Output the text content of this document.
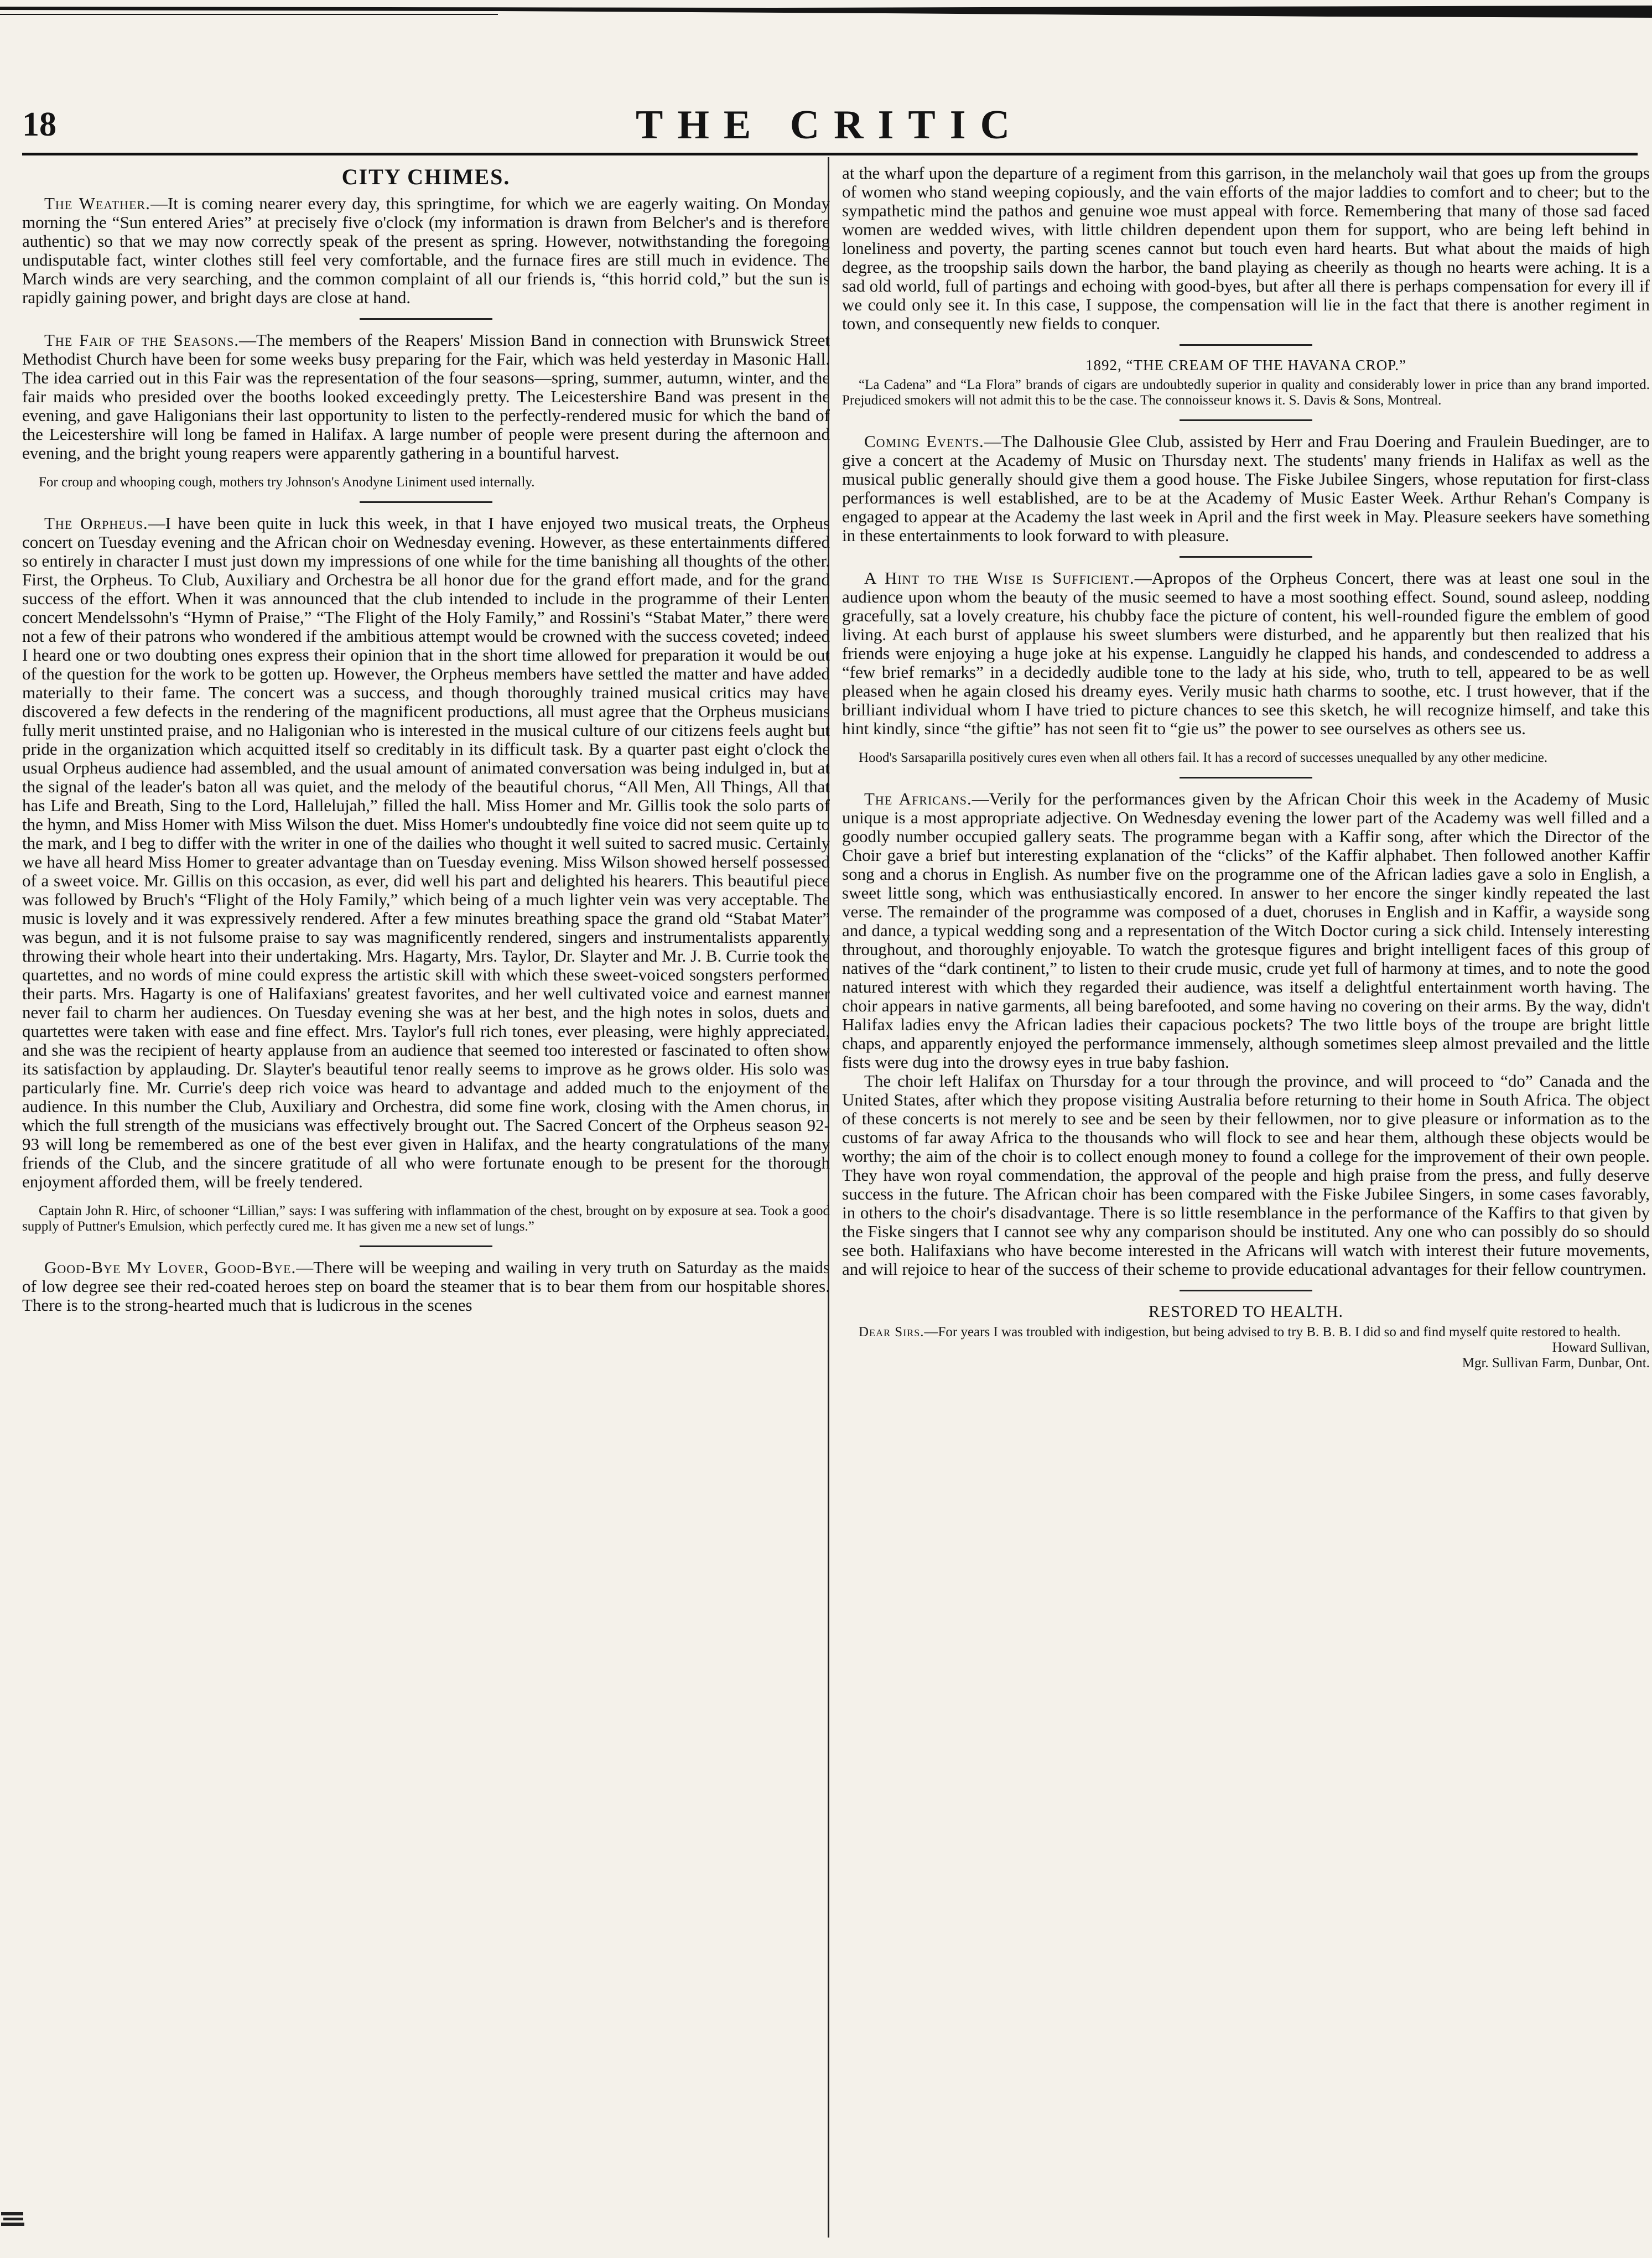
18	THE CRITIC
CITY CHIMES.

The Weather.—It is coming nearer every day, this springtime, for which we are eagerly waiting. On Monday morning the “Sun entered Aries” at precisely five o'clock (my information is drawn from Belcher's and is therefore authentic) so that we may now correctly speak of the present as spring. However, notwithstanding the foregoing undisputable fact, winter clothes still feel very comfortable, and the furnace fires are still much in evidence. The March winds are very searching, and the common complaint of all our friends is, “this horrid cold,” but the sun is rapidly gaining power, and bright days are close at hand.

The Fair of the Seasons.—The members of the Reapers' Mission Band in connection with Brunswick Street Methodist Church have been for some weeks busy preparing for the Fair, which was held yesterday in Masonic Hall. The idea carried out in this Fair was the representation of the four seasons—spring, summer, autumn, winter, and the fair maids who presided over the booths looked exceedingly pretty. The Leicestershire Band was present in the evening, and gave Haligonians their last opportunity to listen to the perfectly-rendered music for which the band of the Leicestershire will long be famed in Halifax. A large number of people were present during the afternoon and evening, and the bright young reapers were apparently gathering in a bountiful harvest.

For croup and whooping cough, mothers try Johnson's Anodyne Liniment used internally.

The Orpheus.—I have been quite in luck this week, in that I have enjoyed two musical treats, the Orpheus concert on Tuesday evening and the African choir on Wednesday evening. However, as these entertainments differed so entirely in character I must just down my impressions of one while for the time banishing all thoughts of the other. First, the Orpheus. To Club, Auxiliary and Orchestra be all honor due for the grand effort made, and for the grand success of the effort. When it was announced that the club intended to include in the programme of their Lenten concert Mendelssohn's “Hymn of Praise,” “The Flight of the Holy Family,” and Rossini's “Stabat Mater,” there were not a few of their patrons who wondered if the ambitious attempt would be crowned with the success coveted; indeed I heard one or two doubting ones express their opinion that in the short time allowed for preparation it would be out of the question for the work to be gotten up. However, the Orpheus members have settled the matter and have added materially to their fame. The concert was a success, and though thoroughly trained musical critics may have discovered a few defects in the rendering of the magnificent productions, all must agree that the Orpheus musicians fully merit unstinted praise, and no Haligonian who is interested in the musical culture of our citizens feels aught but pride in the organization which acquitted itself so creditably in its difficult task. By a quarter past eight o'clock the usual Orpheus audience had assembled, and the usual amount of animated conversation was being indulged in, but at the signal of the leader's baton all was quiet, and the melody of the beautiful chorus, “All Men, All Things, All that has Life and Breath, Sing to the Lord, Hallelujah,” filled the hall. Miss Homer and Mr. Gillis took the solo parts of the hymn, and Miss Homer with Miss Wilson the duet. Miss Homer's undoubtedly fine voice did not seem quite up to the mark, and I beg to differ with the writer in one of the dailies who thought it well suited to sacred music. Certainly we have all heard Miss Homer to greater advantage than on Tuesday evening. Miss Wilson showed herself possessed of a sweet voice. Mr. Gillis on this occasion, as ever, did well his part and delighted his hearers. This beautiful piece was followed by Bruch's “Flight of the Holy Family,” which being of a much lighter vein was very acceptable. The music is lovely and it was expressively rendered. After a few minutes breathing space the grand old “Stabat Mater” was begun, and it is not fulsome praise to say was magnificently rendered, singers and instrumentalists apparently throwing their whole heart into their undertaking. Mrs. Hagarty, Mrs. Taylor, Dr. Slayter and Mr. J. B. Currie took the quartettes, and no words of mine could express the artistic skill with which these sweet-voiced songsters performed their parts. Mrs. Hagarty is one of Halifaxians' greatest favorites, and her well cultivated voice and earnest manner never fail to charm her audiences. On Tuesday evening she was at her best, and the high notes in solos, duets and quartettes were taken with ease and fine effect. Mrs. Taylor's full rich tones, ever pleasing, were highly appreciated, and she was the recipient of hearty applause from an audience that seemed too interested or fascinated to often show its satisfaction by applauding. Dr. Slayter's beautiful tenor really seems to improve as he grows older. His solo was particularly fine. Mr. Currie's deep rich voice was heard to advantage and added much to the enjoyment of the audience. In this number the Club, Auxiliary and Orchestra, did some fine work, closing with the Amen chorus, in which the full strength of the musicians was effectively brought out. The Sacred Concert of the Orpheus season 92-93 will long be remembered as one of the best ever given in Halifax, and the hearty congratulations of the many friends of the Club, and the sincere gratitude of all who were fortunate enough to be present for the thorough enjoyment afforded them, will be freely tendered.

Captain John R. Hirc, of schooner “Lillian,” says: I was suffering with inflammation of the chest, brought on by exposure at sea. Took a good supply of Puttner's Emulsion, which perfectly cured me. It has given me a new set of lungs.”

Good-Bye My Lover, Good-Bye.—There will be weeping and wailing in very truth on Saturday as the maids of low degree see their red-coated heroes step on board the steamer that is to bear them from our hospitable shores. There is to the strong-hearted much that is ludicrous in the scenes

at the wharf upon the departure of a regiment from this garrison, in the melancholy wail that goes up from the groups of women who stand weeping copiously, and the vain efforts of the major laddies to comfort and to cheer; but to the sympathetic mind the pathos and genuine woe must appeal with force. Remembering that many of those sad faced women are wedded wives, with little children dependent upon them for support, who are being left behind in loneliness and poverty, the parting scenes cannot but touch even hard hearts. But what about the maids of high degree, as the troopship sails down the harbor, the band playing as cheerily as though no hearts were aching. It is a sad old world, full of partings and echoing with good-byes, but after all there is perhaps compensation for every ill if we could only see it. In this case, I suppose, the compensation will lie in the fact that there is another regiment in town, and consequently new fields to conquer.

1892, “THE CREAM OF THE HAVANA CROP.”

“La Cadena” and “La Flora” brands of cigars are undoubtedly superior in quality and considerably lower in price than any brand imported. Prejudiced smokers will not admit this to be the case. The connoisseur knows it. S. Davis & Sons, Montreal.

Coming Events.—The Dalhousie Glee Club, assisted by Herr and Frau Doering and Fraulein Buedinger, are to give a concert at the Academy of Music on Thursday next. The students' many friends in Halifax as well as the musical public generally should give them a good house. The Fiske Jubilee Singers, whose reputation for first-class performances is well established, are to be at the Academy of Music Easter Week. Arthur Rehan's Company is engaged to appear at the Academy the last week in April and the first week in May. Pleasure seekers have something in these entertainments to look forward to with pleasure.

A Hint to the Wise is Sufficient.—Apropos of the Orpheus Concert, there was at least one soul in the audience upon whom the beauty of the music seemed to have a most soothing effect. Sound, sound asleep, nodding gracefully, sat a lovely creature, his chubby face the picture of content, his well-rounded figure the emblem of good living. At each burst of applause his sweet slumbers were disturbed, and he apparently but then realized that his friends were enjoying a huge joke at his expense. Languidly he clapped his hands, and condescended to address a “few brief remarks” in a decidedly audible tone to the lady at his side, who, truth to tell, appeared to be as well pleased when he again closed his dreamy eyes. Verily music hath charms to soothe, etc. I trust however, that if the brilliant individual whom I have tried to picture chances to see this sketch, he will recognize himself, and take this hint kindly, since “the giftie” has not seen fit to “gie us” the power to see ourselves as others see us.

Hood's Sarsaparilla positively cures even when all others fail. It has a record of successes unequalled by any other medicine.

The Africans.—Verily for the performances given by the African Choir this week in the Academy of Music unique is a most appropriate adjective. On Wednesday evening the lower part of the Academy was well filled and a goodly number occupied gallery seats. The programme began with a Kaffir song, after which the Director of the Choir gave a brief but interesting explanation of the “clicks” of the Kaffir alphabet. Then followed another Kaffir song and a chorus in English. As number five on the programme one of the African ladies gave a solo in English, a sweet little song, which was enthusiastically encored. In answer to her encore the singer kindly repeated the last verse. The remainder of the programme was composed of a duet, choruses in English and in Kaffir, a wayside song and dance, a typical wedding song and a representation of the Witch Doctor curing a sick child. Intensely interesting throughout, and thoroughly enjoyable. To watch the grotesque figures and bright intelligent faces of this group of natives of the “dark continent,” to listen to their crude music, crude yet full of harmony at times, and to note the good natured interest with which they regarded their audience, was itself a delightful entertainment worth having. The choir appears in native garments, all being barefooted, and some having no covering on their arms. By the way, didn't Halifax ladies envy the African ladies their capacious pockets? The two little boys of the troupe are bright little chaps, and apparently enjoyed the performance immensely, although sometimes sleep almost prevailed and the little fists were dug into the drowsy eyes in true baby fashion.

The choir left Halifax on Thursday for a tour through the province, and will proceed to “do” Canada and the United States, after which they propose visiting Australia before returning to their home in South Africa. The object of these concerts is not merely to see and be seen by their fellowmen, nor to give pleasure or information as to the customs of far away Africa to the thousands who will flock to see and hear them, although these objects would be worthy; the aim of the choir is to collect enough money to found a college for the improvement of their own people. They have won royal commendation, the approval of the people and high praise from the press, and fully deserve success in the future. The African choir has been compared with the Fiske Jubilee Singers, in some cases favorably, in others to the choir's disadvantage. There is so little resemblance in the performance of the Kaffirs to that given by the Fiske singers that I cannot see why any comparison should be instituted. Any one who can possibly do so should see both. Halifaxians who have become interested in the Africans will watch with interest their future movements, and will rejoice to hear of the success of their scheme to provide educational advantages for their fellow countrymen.

RESTORED TO HEALTH.

Dear Sirs.—For years I was troubled with indigestion, but being advised to try B. B. B. I did so and find myself quite restored to health.

Howard Sullivan,

Mgr. Sullivan Farm, Dunbar, Ont.
